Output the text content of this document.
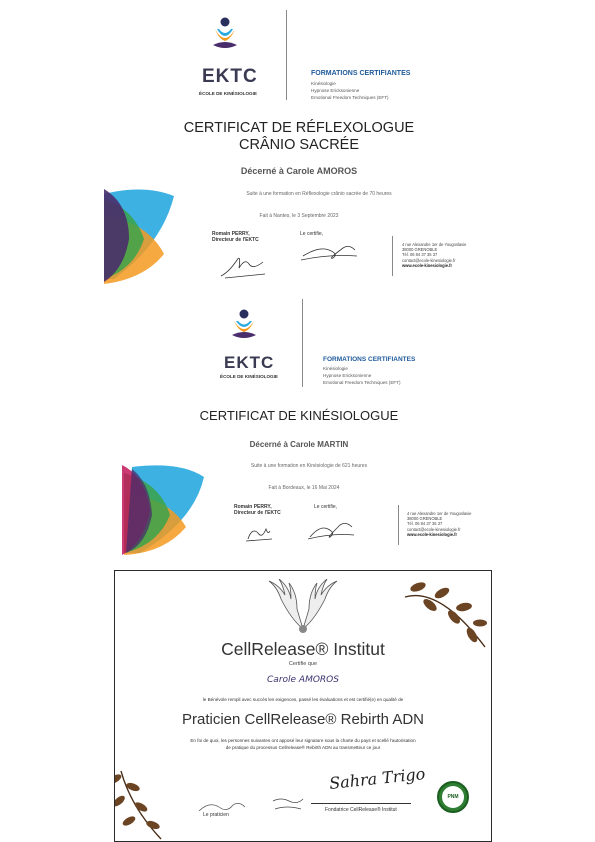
EKTC
ÉCOLE DE KINÉSIOLOGIE
FORMATIONS CERTIFIANTES
Kinésiologie
Hypnose Ericksonienne
Emotional Freedom Techniques (EFT)
CERTIFICAT DE RÉFLEXOLOGUE
CRÂNIO SACRÉE
Décerné à Carole AMOROS
Suite à une formation en Réflexologie crânio sacrée de 70 heures
Fait à Nantes, le 3 Septembre 2023
Romain PERRY,
Directeur de l'EKTC
Le certifie,
4 rue Alexandre 1er de Yougoslavie
38000 GRENOBLE
Tél. 06 84 37 35 37
contact@ecole-kinesiologie.fr
www.ecole-kinesiologie.fr
EKTC
ÉCOLE DE KINÉSIOLOGIE
FORMATIONS CERTIFIANTES
Kinésiologie
Hypnose Ericksonienne
Emotional Freedom Techniques (EFT)
CERTIFICAT DE KINÉSIOLOGUE
Décerné à Carole MARTIN
Suite à une formation en Kinésiologie de 621 heures
Fait à Bordeaux, le 16 Mai 2024
Romain PERRY,
Directeur de l'EKTC
Le certifie,
4 rue Alexandre 1er de Yougoslavie
38000 GRENOBLE
Tél. 06 84 37 35 37
contact@ecole-kinesiologie.fr
www.ecole-kinesiologie.fr
CellRelease® Institut
Certifie que
Carole AMOROS
le Bénévole rempli avec succès les exigences, passé les évaluations et est certifié(e) en qualité de
Praticien CellRelease® Rebirth ADN
En foi de quoi, les personnes suivantes ont apposé leur signature sous la charte du pays et scellé l'autorisation
de pratique du processus Cellrelease® Rebirth ADN au transmetteur ce jour
Le praticien
Sahra Trigo
Fondatrice CellRelease® Institut
PNM
